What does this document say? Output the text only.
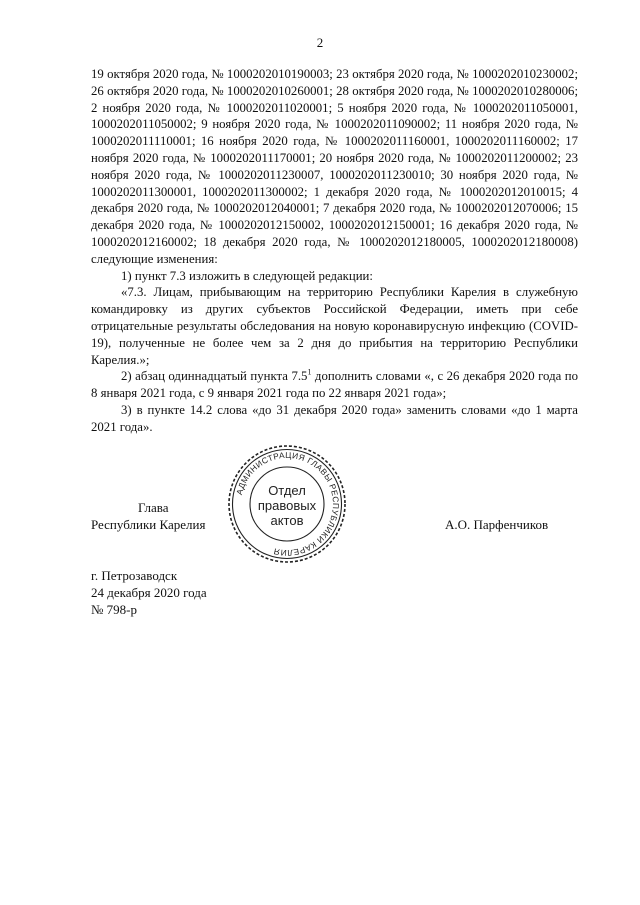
2

19 октября 2020 года, № 1000202010190003; 23 октября 2020 года, № 1000202010230002; 26 октября 2020 года, № 1000202010260001; 28 октября 2020 года, № 1000202010280006; 2 ноября 2020 года, № 1000202011020001; 5 ноября 2020 года, № 1000202011050001, 1000202011050002; 9 ноября 2020 года, № 1000202011090002; 11 ноября 2020 года, № 1000202011110001; 16 ноября 2020 года, № 1000202011160001, 1000202011160002; 17 ноября 2020 года, № 1000202011170001; 20 ноября 2020 года, № 1000202011200002; 23 ноября 2020 года, № 1000202011230007, 1000202011230010; 30 ноября 2020 года, № 1000202011300001, 1000202011300002; 1 декабря 2020 года, № 1000202012010015; 4 декабря 2020 года, № 1000202012040001; 7 декабря 2020 года, № 1000202012070006; 15 декабря 2020 года, № 1000202012150002, 1000202012150001; 16 декабря 2020 года, № 1000202012160002; 18 декабря 2020 года, № 1000202012180005, 1000202012180008) следующие изменения:

1) пункт 7.3 изложить в следующей редакции:

«7.3. Лицам, прибывающим на территорию Республики Карелия в служебную командировку из других субъектов Российской Федерации, иметь при себе отрицательные результаты обследования на новую коронавирусную инфекцию (COVID-19), полученные не более чем за 2 дня до прибытия на территорию Республики Карелия.»;

2) абзац одиннадцатый пункта $7.5^1$ дополнить словами «, с 26 декабря 2020 года по 8 января 2021 года, с 9 января 2021 года по 22 января 2021 года»;

3) в пункте 14.2 слова «до 31 декабря 2020 года» заменить словами «до 1 марта 2021 года».

Глава
Республики Карелия
АДМИНИСТРАЦИЯ ГЛАВЫ РЕСПУБЛИКИ КАРЕЛИЯ
Отдел
правовых
актов	А.О. Парфенчиков
г. Петрозаводск
24 декабря 2020 года
№ 798-р
